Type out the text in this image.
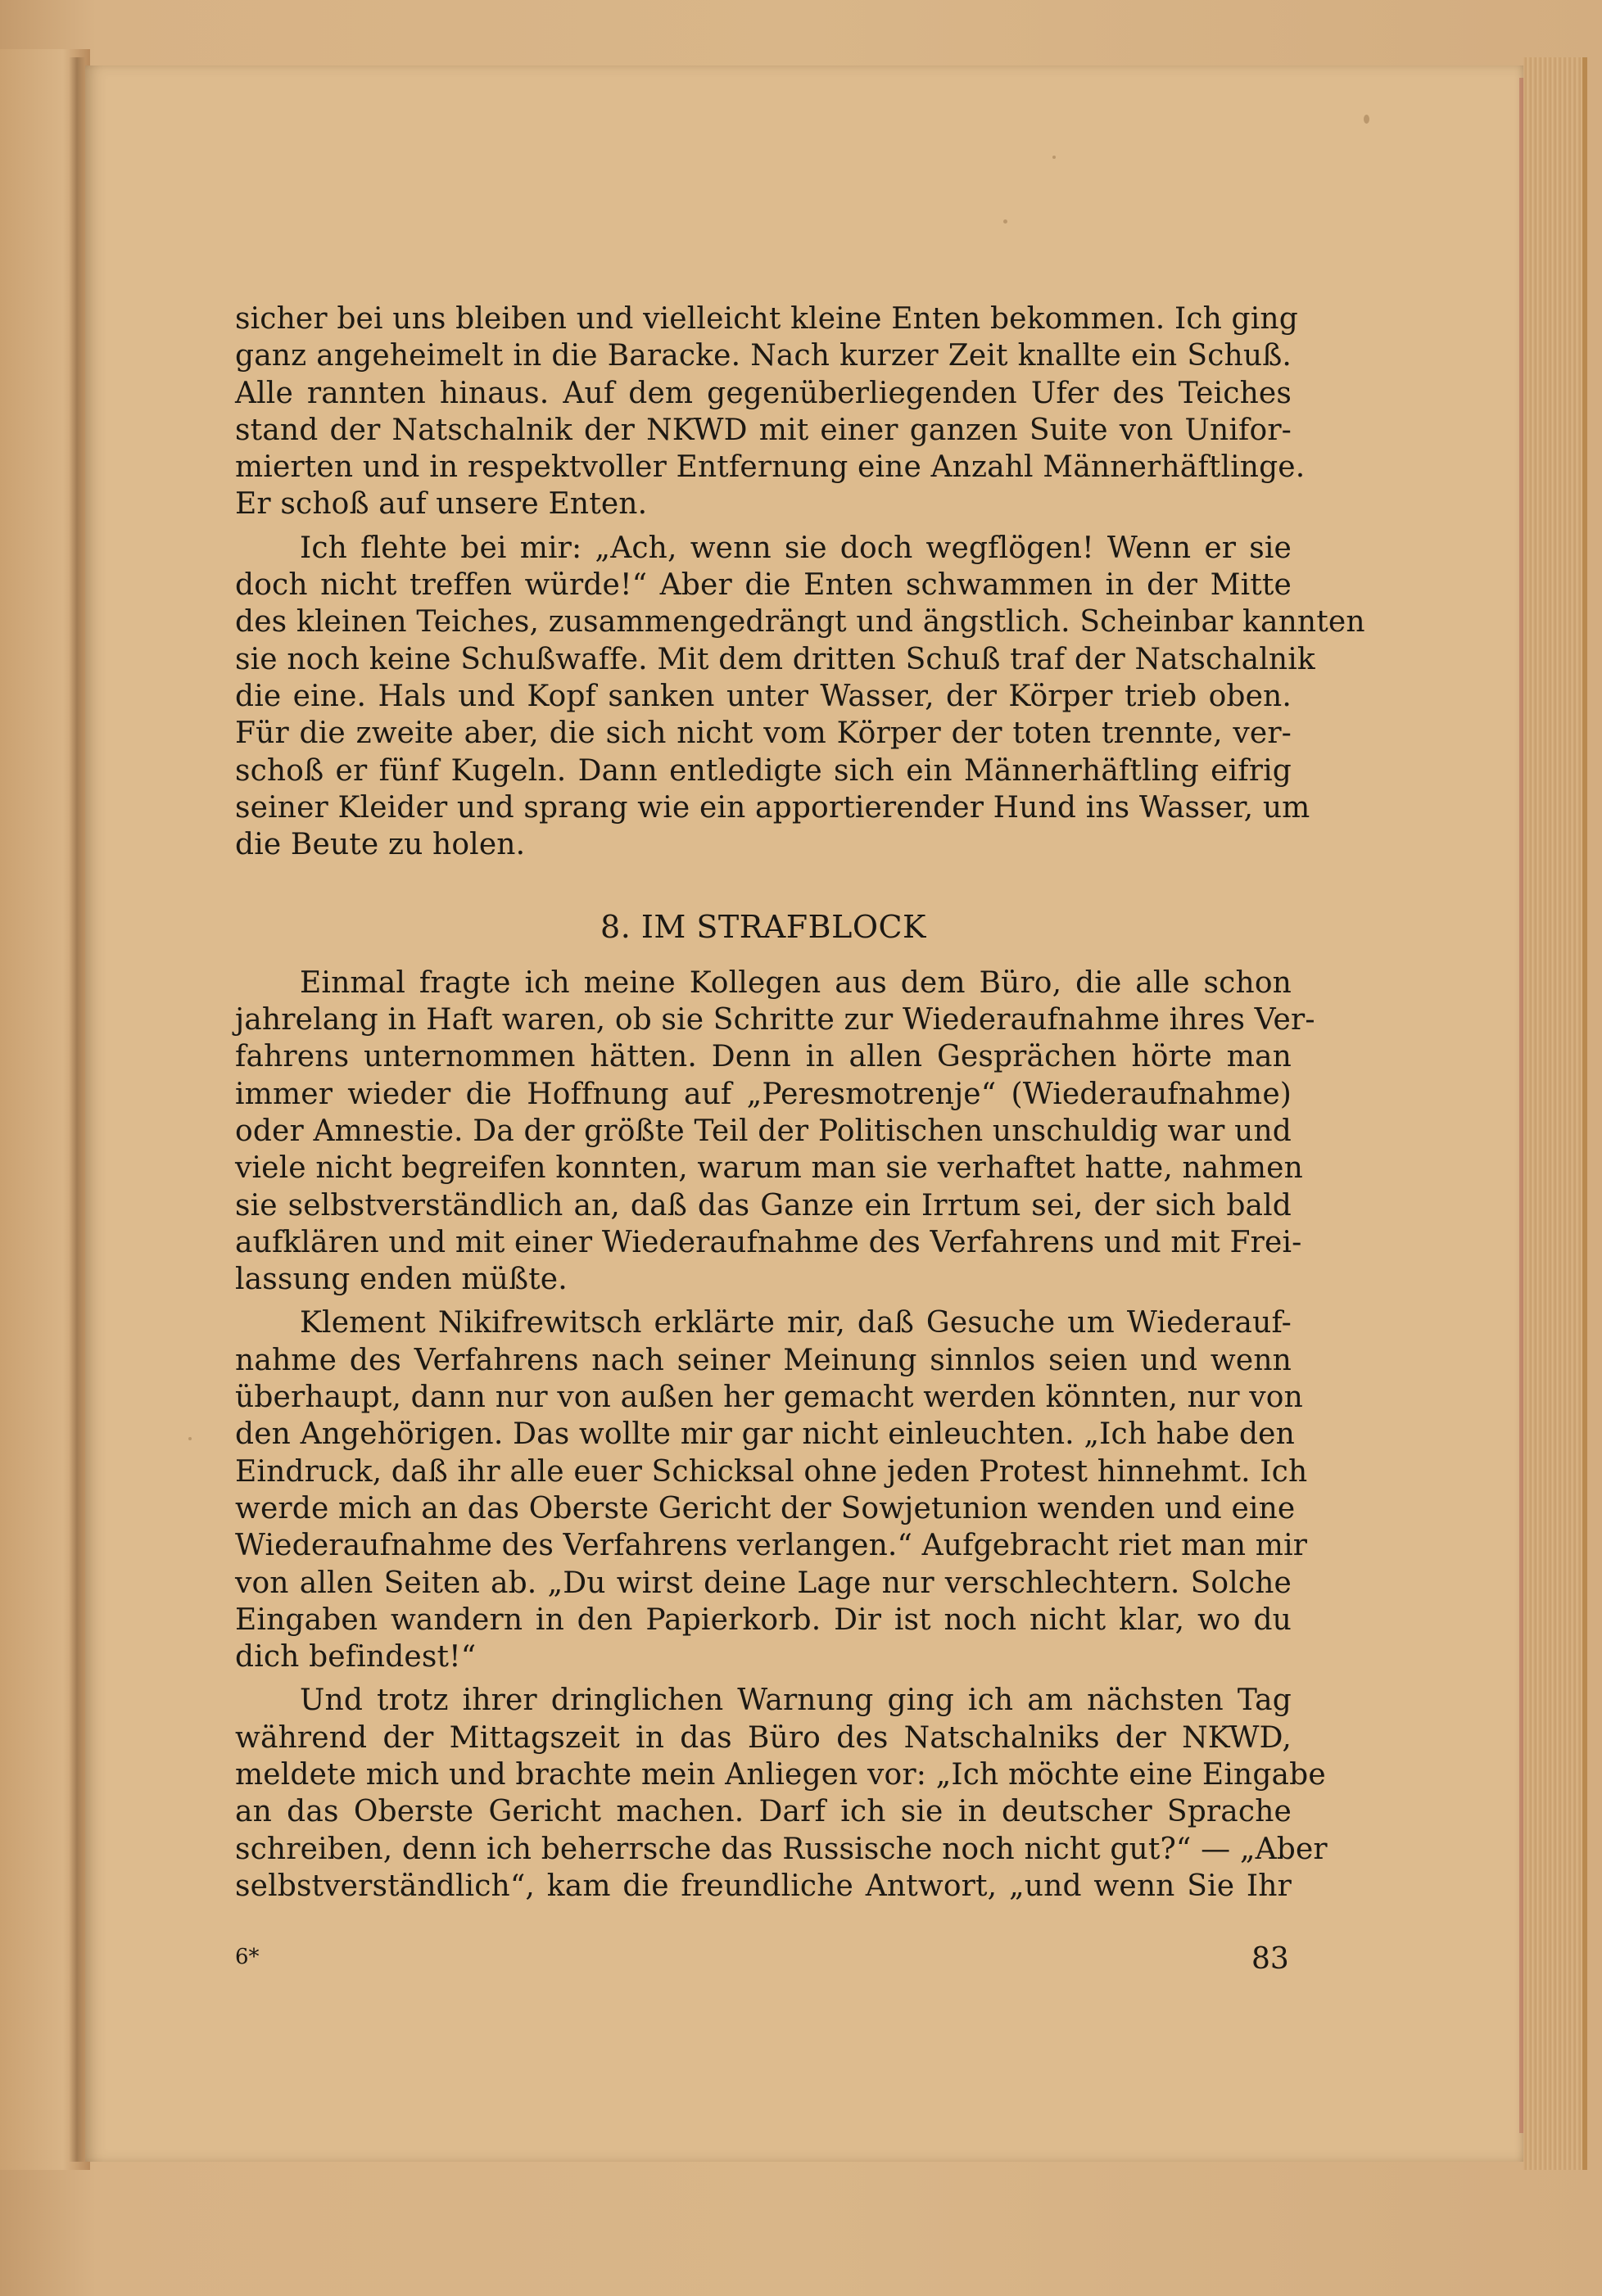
sicher bei uns bleiben und vielleicht kleine Enten bekommen. Ich ging
ganz angeheimelt in die Baracke. Nach kurzer Zeit knallte ein Schuß.
Alle rannten hinaus. Auf dem gegenüberliegenden Ufer des Teiches
stand der Natschalnik der NKWD mit einer ganzen Suite von Unifor-
mierten und in respektvoller Entfernung eine Anzahl Männerhäftlinge.
Er schoß auf unsere Enten.
Ich flehte bei mir: „Ach, wenn sie doch wegflögen! Wenn er sie
doch nicht treffen würde!“ Aber die Enten schwammen in der Mitte
des kleinen Teiches, zusammengedrängt und ängstlich. Scheinbar kannten
sie noch keine Schußwaffe. Mit dem dritten Schuß traf der Natschalnik
die eine. Hals und Kopf sanken unter Wasser, der Körper trieb oben.
Für die zweite aber, die sich nicht vom Körper der toten trennte, ver-
schoß er fünf Kugeln. Dann entledigte sich ein Männerhäftling eifrig
seiner Kleider und sprang wie ein apportierender Hund ins Wasser, um
die Beute zu holen.
8. IM STRAFBLOCK
Einmal fragte ich meine Kollegen aus dem Büro, die alle schon
jahrelang in Haft waren, ob sie Schritte zur Wiederaufnahme ihres Ver-
fahrens unternommen hätten. Denn in allen Gesprächen hörte man
immer wieder die Hoffnung auf „Peresmotrenje“ (Wiederaufnahme)
oder Amnestie. Da der größte Teil der Politischen unschuldig war und
viele nicht begreifen konnten, warum man sie verhaftet hatte, nahmen
sie selbstverständlich an, daß das Ganze ein Irrtum sei, der sich bald
aufklären und mit einer Wiederaufnahme des Verfahrens und mit Frei-
lassung enden müßte.
Klement Nikifrewitsch erklärte mir, daß Gesuche um Wiederauf-
nahme des Verfahrens nach seiner Meinung sinnlos seien und wenn
überhaupt, dann nur von außen her gemacht werden könnten, nur von
den Angehörigen. Das wollte mir gar nicht einleuchten. „Ich habe den
Eindruck, daß ihr alle euer Schicksal ohne jeden Protest hinnehmt. Ich
werde mich an das Oberste Gericht der Sowjetunion wenden und eine
Wiederaufnahme des Verfahrens verlangen.“ Aufgebracht riet man mir
von allen Seiten ab. „Du wirst deine Lage nur verschlechtern. Solche
Eingaben wandern in den Papierkorb. Dir ist noch nicht klar, wo du
dich befindest!“
Und trotz ihrer dringlichen Warnung ging ich am nächsten Tag
während der Mittagszeit in das Büro des Natschalniks der NKWD,
meldete mich und brachte mein Anliegen vor: „Ich möchte eine Eingabe
an das Oberste Gericht machen. Darf ich sie in deutscher Sprache
schreiben, denn ich beherrsche das Russische noch nicht gut?“ — „Aber
selbstverständlich“, kam die freundliche Antwort, „und wenn Sie Ihr
6*	83
